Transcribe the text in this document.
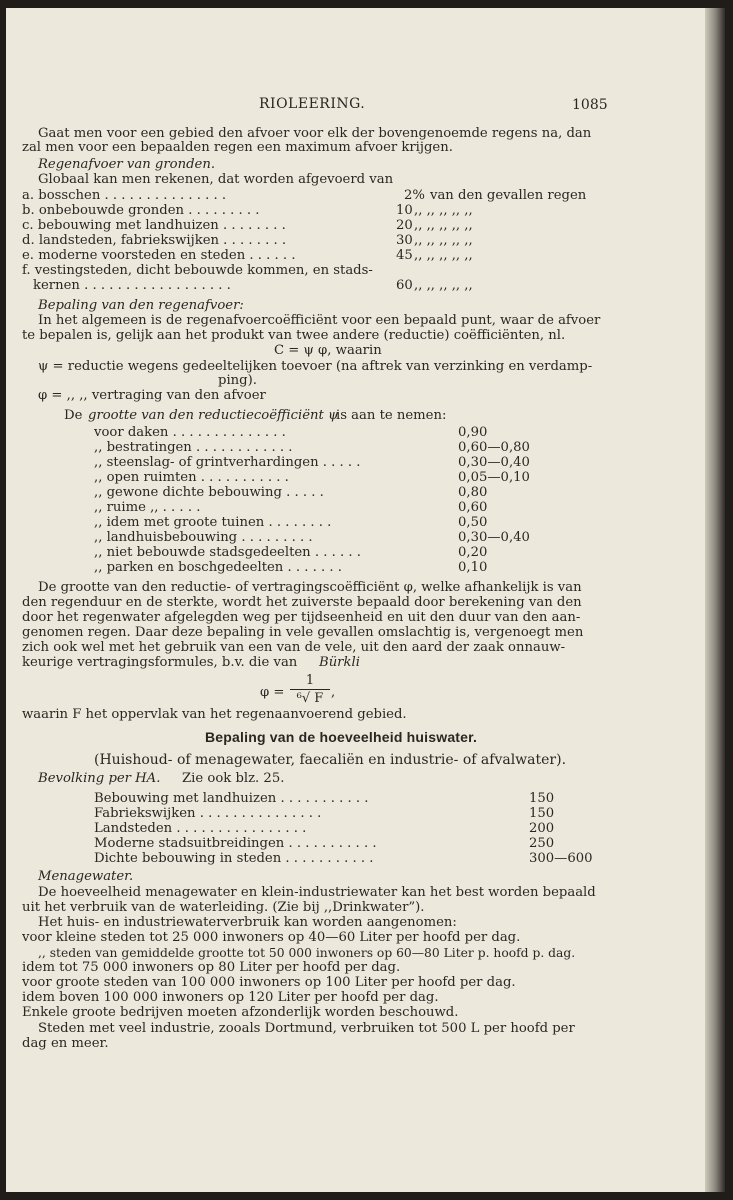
RIOLEERING.	1085
Gaat men voor een gebied den afvoer voor elk der bovengenoemde regens na, dan
zal men voor een bepaalden regen een maximum afvoer krijgen.
Regenafvoer van gronden.
Globaal kan men rekenen, dat worden afgevoerd van
a. bosschen . . . . . . . . . . . . . . .	2% van den gevallen regen
b. onbebouwde gronden . . . . . . . . .	10 ,, ,, ,, ,, ,,
c. bebouwing met landhuizen . . . . . . . .	20 ,, ,, ,, ,, ,,
d. landsteden, fabriekswijken . . . . . . . .	30 ,, ,, ,, ,, ,,
e. moderne voorsteden en steden . . . . . .	45 ,, ,, ,, ,, ,,
f. vestingsteden, dicht bebouwde kommen, en stads-
kernen . . . . . . . . . . . . . . . . . .	60 ,, ,, ,, ,, ,,
Bepaling van den regenafvoer:
In het algemeen is de regenafvoercoëfficiënt voor een bepaald punt, waar de afvoer
te bepalen is, gelijk aan het produkt van twee andere (reductie) coëfficiënten, nl.
C = ψ φ, waarin
ψ = reductie wegens gedeeltelijken toevoer (na aftrek van verzinking en verdamp-
ping).
φ = ,, ,, vertraging van den afvoer
De grootte van den reductiecoëfficiënt ψ
is aan te nemen:
voor daken . . . . . . . . . . . . . .	0,90
,, bestratingen . . . . . . . . . . . .	0,60—0,80
,, steenslag- of grintverhardingen . . . . .	0,30—0,40
,, open ruimten . . . . . . . . . . .	0,05—0,10
,, gewone dichte bebouwing . . . . .	0,80
,, ruime ,, . . . . .	0,60
,, idem met groote tuinen . . . . . . . .	0,50
,, landhuisbebouwing . . . . . . . . .	0,30—0,40
,, niet bebouwde stadsgedeelten . . . . . .	0,20
,, parken en boschgedeelten . . . . . . .	0,10
De grootte van den reductie- of vertragingscoëfficiënt φ, welke afhankelijk is van
den regenduur en de sterkte, wordt het zuiverste bepaald door berekening van den
door het regenwater afgelegden weg per tijdseenheid en uit den duur van den aan-
genomen regen. Daar deze bepaling in vele gevallen omslachtig is, vergenoegt men
zich ook wel met het gebruik van een van de vele, uit den aard der zaak onnauw-
keurige vertragingsformules, b.v. die van Bürkli
φ =
1
⁶√ F ,
waarin F het oppervlak van het regenaanvoerend gebied.
Bepaling van de hoeveelheid huiswater.
(Huishoud- of menagewater, faecaliën en industrie- of afvalwater).
Bevolking per HA. Zie ook blz. 25.
Bebouwing met landhuizen . . . . . . . . . . .	150
Fabriekswijken . . . . . . . . . . . . . . .	150
Landsteden . . . . . . . . . . . . . . . .	200
Moderne stadsuitbreidingen . . . . . . . . . . .	250
Dichte bebouwing in steden . . . . . . . . . . .	300—600
Menagewater.
De hoeveelheid menagewater en klein-industriewater kan het best worden bepaald
uit het verbruik van de waterleiding. (Zie bij ,,Drinkwater”).
Het huis- en industriewaterverbruik kan worden aangenomen:
voor kleine steden tot 25 000 inwoners op 40—60 Liter per hoofd per dag.
,, steden van gemiddelde grootte tot 50 000 inwoners op 60—80 Liter p. hoofd p. dag.
idem tot 75 000 inwoners op 80 Liter per hoofd per dag.
voor groote steden van 100 000 inwoners op 100 Liter per hoofd per dag.
idem boven 100 000 inwoners op 120 Liter per hoofd per dag.
Enkele groote bedrijven moeten afzonderlijk worden beschouwd.
Steden met veel industrie, zooals Dortmund, verbruiken tot 500 L per hoofd per
dag en meer.
